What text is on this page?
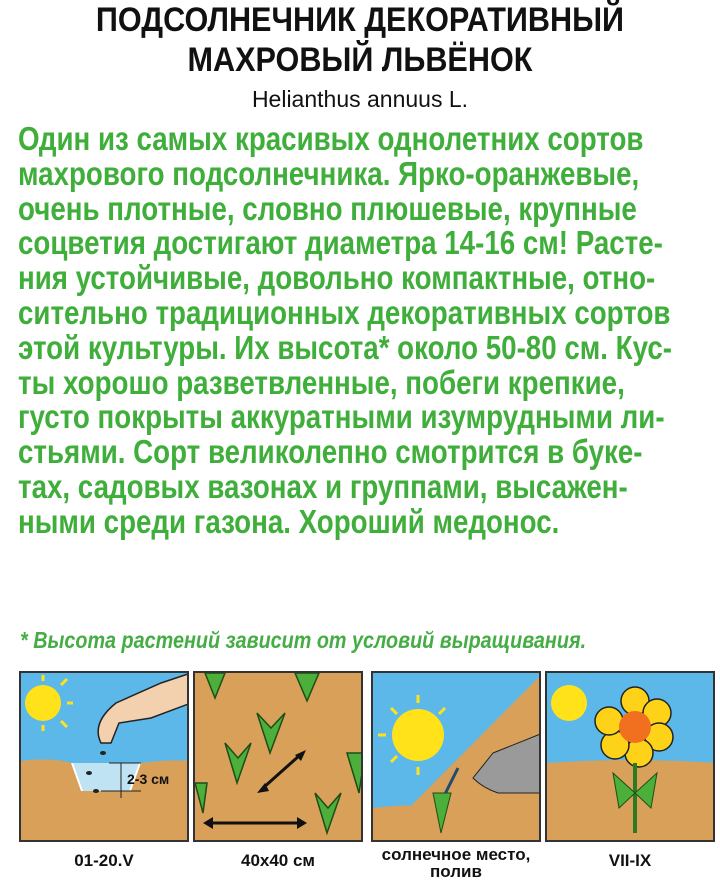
ПОДСОЛНЕЧНИК ДЕКОРАТИВНЫЙ
МАХРОВЫЙ ЛЬВЁНОК
Helianthus annuus L.
Один из самых красивых однолетних сортов
махрового подсолнечника. Ярко-оранжевые,
очень плотные, словно плюшевые, крупные
соцветия достигают диаметра 14-16 см! Расте-
ния устойчивые, довольно компактные, отно-
сительно традиционных декоративных сортов
этой культуры. Их высота* около 50-80 см. Кус-
ты хорошо разветвленные, побеги крепкие,
густо покрыты аккуратными изумрудными ли-
стьями. Сорт великолепно смотрится в буке-
тах, садовых вазонах и группами, высажен-
ными среди газона. Хороший медонос.
* Высота растений зависит от условий выращивания.
2-3 см
01-20.V	40x40 см	солнечное место,
полив
VII-IX
